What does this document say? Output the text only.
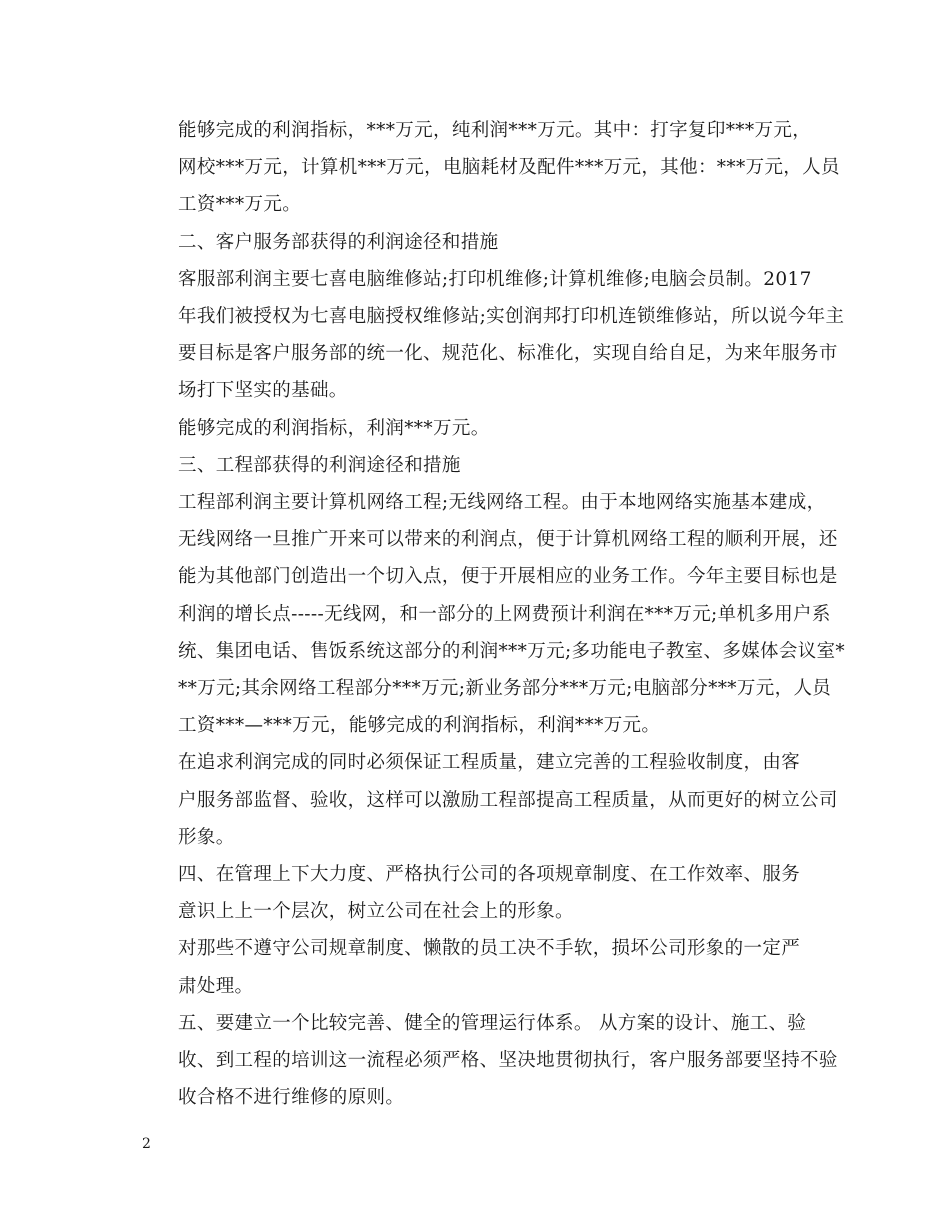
能够完成的利润指标，***万元，纯利润***万元。其中：打字复印***万元，
网校***万元，计算机***万元，电脑耗材及配件***万元，其他：***万元，人员
工资***万元。

二、客户服务部获得的利润途径和措施

客服部利润主要七喜电脑维修站;打印机维修;计算机维修;电脑会员制。2017
年我们被授权为七喜电脑授权维修站;实创润邦打印机连锁维修站，所以说今年主
要目标是客户服务部的统一化、规范化、标准化，实现自给自足，为来年服务市
场打下坚实的基础。

能够完成的利润指标，利润***万元。

三、工程部获得的利润途径和措施

工程部利润主要计算机网络工程;无线网络工程。由于本地网络实施基本建成，
无线网络一旦推广开来可以带来的利润点，便于计算机网络工程的顺利开展，还
能为其他部门创造出一个切入点，便于开展相应的业务工作。今年主要目标也是
利润的增长点-----无线网，和一部分的上网费预计利润在***万元;单机多用户系
统、集团电话、售饭系统这部分的利润***万元;多功能电子教室、多媒体会议室*
**万元;其余网络工程部分***万元;新业务部分***万元;电脑部分***万元，人员
工资***—***万元，能够完成的利润指标，利润***万元。

在追求利润完成的同时必须保证工程质量，建立完善的工程验收制度，由客
户服务部监督、验收，这样可以激励工程部提高工程质量，从而更好的树立公司
形象。

四、在管理上下大力度、严格执行公司的各项规章制度、在工作效率、服务
意识上上一个层次，树立公司在社会上的形象。

对那些不遵守公司规章制度、懒散的员工决不手软，损坏公司形象的一定严
肃处理。

五、要建立一个比较完善、健全的管理运行体系。 从方案的设计、施工、验
收、到工程的培训这一流程必须严格、坚决地贯彻执行，客户服务部要坚持不验
收合格不进行维修的原则。

2
